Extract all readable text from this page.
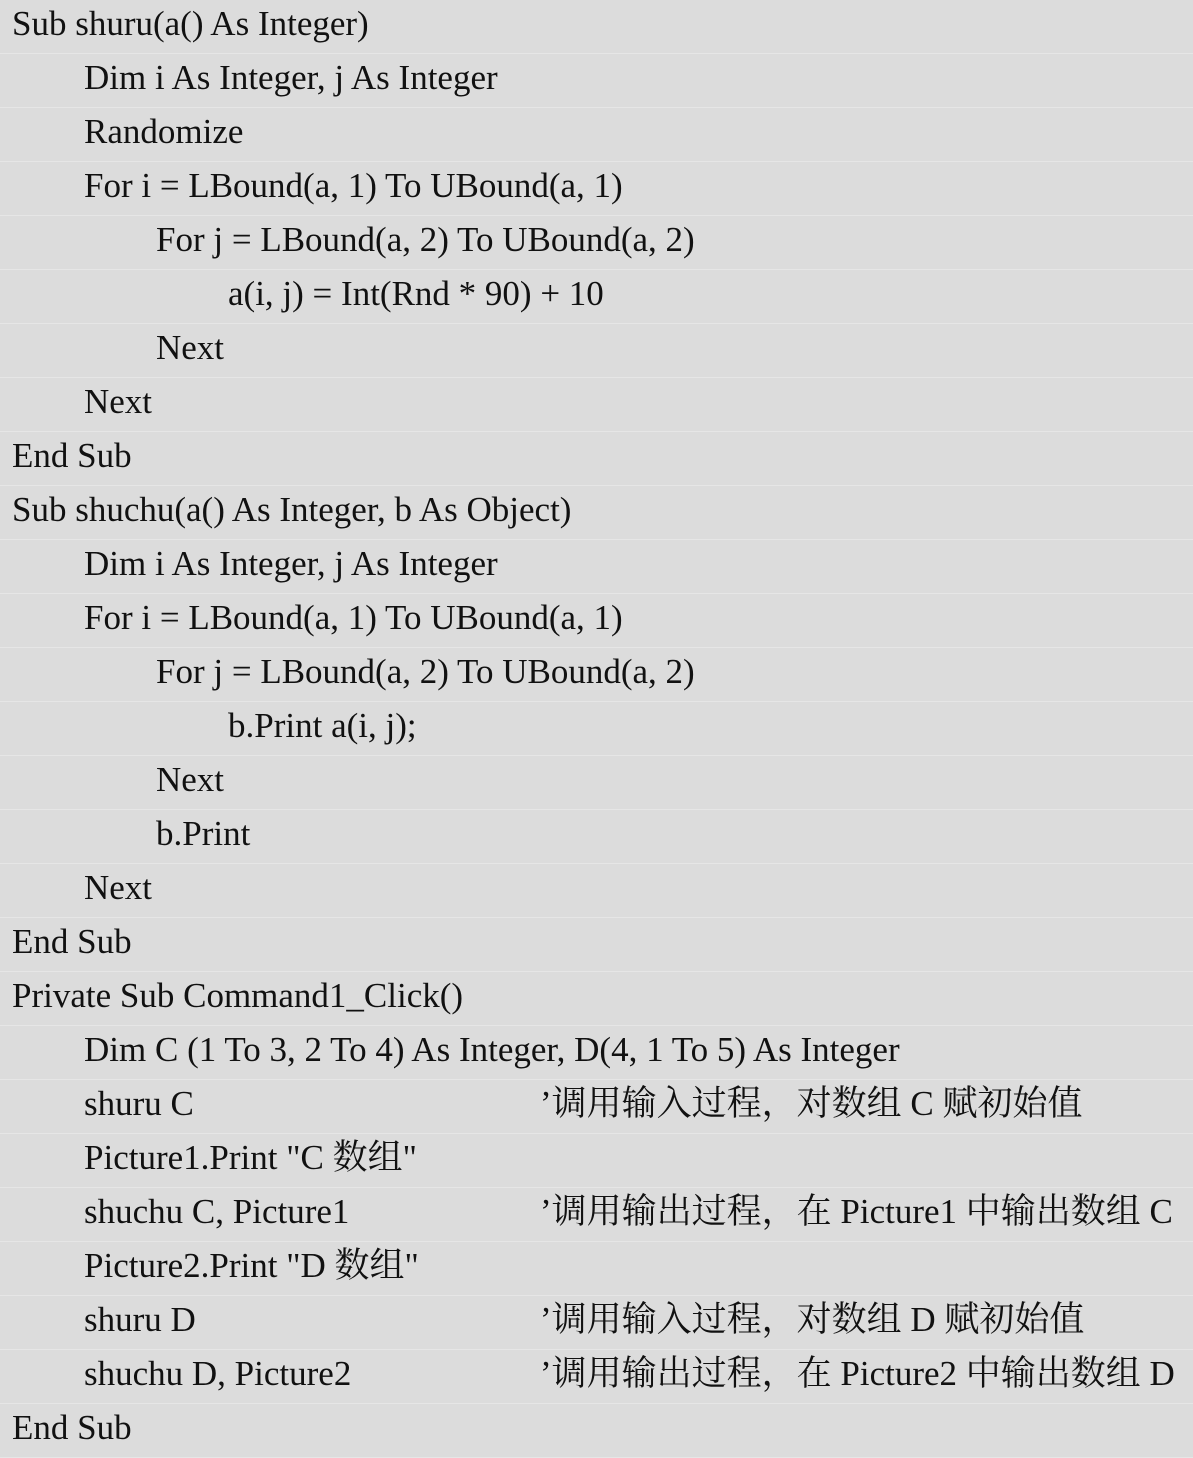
Sub shuru(a() As Integer)
Dim i As Integer, j As Integer
Randomize
For i = LBound(a, 1) To UBound(a, 1)
For j = LBound(a, 2) To UBound(a, 2)
a(i, j) = Int(Rnd * 90) + 10
Next
Next
End Sub
Sub shuchu(a() As Integer, b As Object)
Dim i As Integer, j As Integer
For i = LBound(a, 1) To UBound(a, 1)
For j = LBound(a, 2) To UBound(a, 2)
b.Print a(i, j);
Next
b.Print
Next
End Sub
Private Sub Command1_Click()
Dim C (1 To 3, 2 To 4) As Integer, D(4, 1 To 5) As Integer
shuru C	’调用输入过程，对数组 C 赋初始值
Picture1.Print "C 数组"
shuchu C, Picture1	’调用输出过程，在 Picture1 中输出数组 C
Picture2.Print "D 数组"
shuru D	’调用输入过程，对数组 D 赋初始值
shuchu D, Picture2	’调用输出过程，在 Picture2 中输出数组 D
End Sub
